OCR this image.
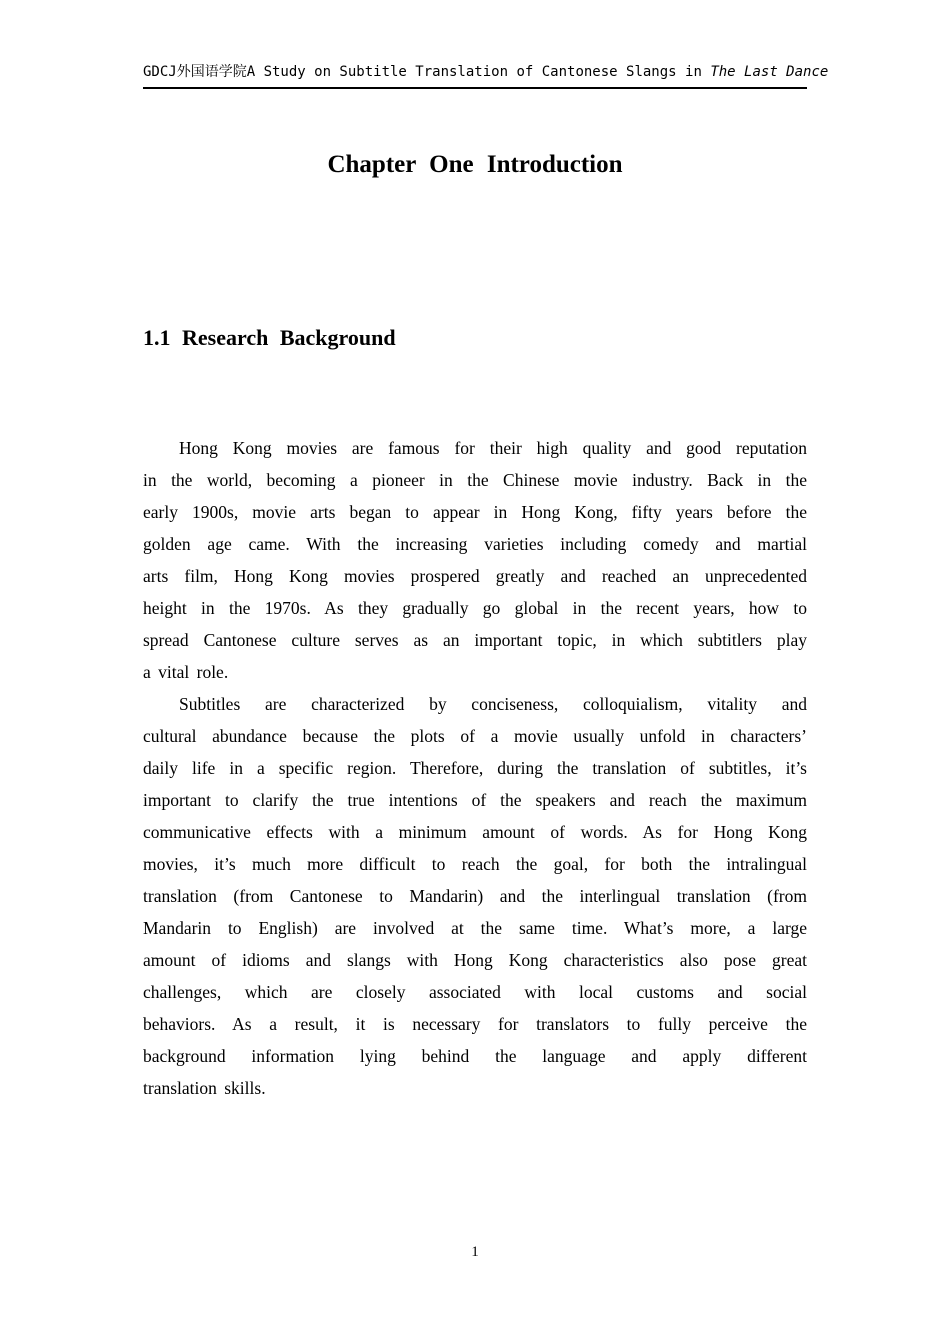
GDCJ外国语学院 A Study on Subtitle Translation of Cantonese Slangs in The Last Dance
Chapter One Introduction
1.1 Research Background
Hong Kong movies are famous for their high quality and good reputation
in the world, becoming a pioneer in the Chinese movie industry. Back in the
early 1900s, movie arts began to appear in Hong Kong, fifty years before the
golden age came. With the increasing varieties including comedy and martial
arts film, Hong Kong movies prospered greatly and reached an unprecedented
height in the 1970s. As they gradually go global in the recent years, how to
spread Cantonese culture serves as an important topic, in which subtitlers play
a vital role.
Subtitles are characterized by conciseness, colloquialism, vitality and
cultural abundance because the plots of a movie usually unfold in characters’
daily life in a specific region. Therefore, during the translation of subtitles, it’s
important to clarify the true intentions of the speakers and reach the maximum
communicative effects with a minimum amount of words. As for Hong Kong
movies, it’s much more difficult to reach the goal, for both the intralingual
translation (from Cantonese to Mandarin) and the interlingual translation (from
Mandarin to English) are involved at the same time. What’s more, a large
amount of idioms and slangs with Hong Kong characteristics also pose great
challenges, which are closely associated with local customs and social
behaviors. As a result, it is necessary for translators to fully perceive the
background information lying behind the language and apply different
translation skills.
1
